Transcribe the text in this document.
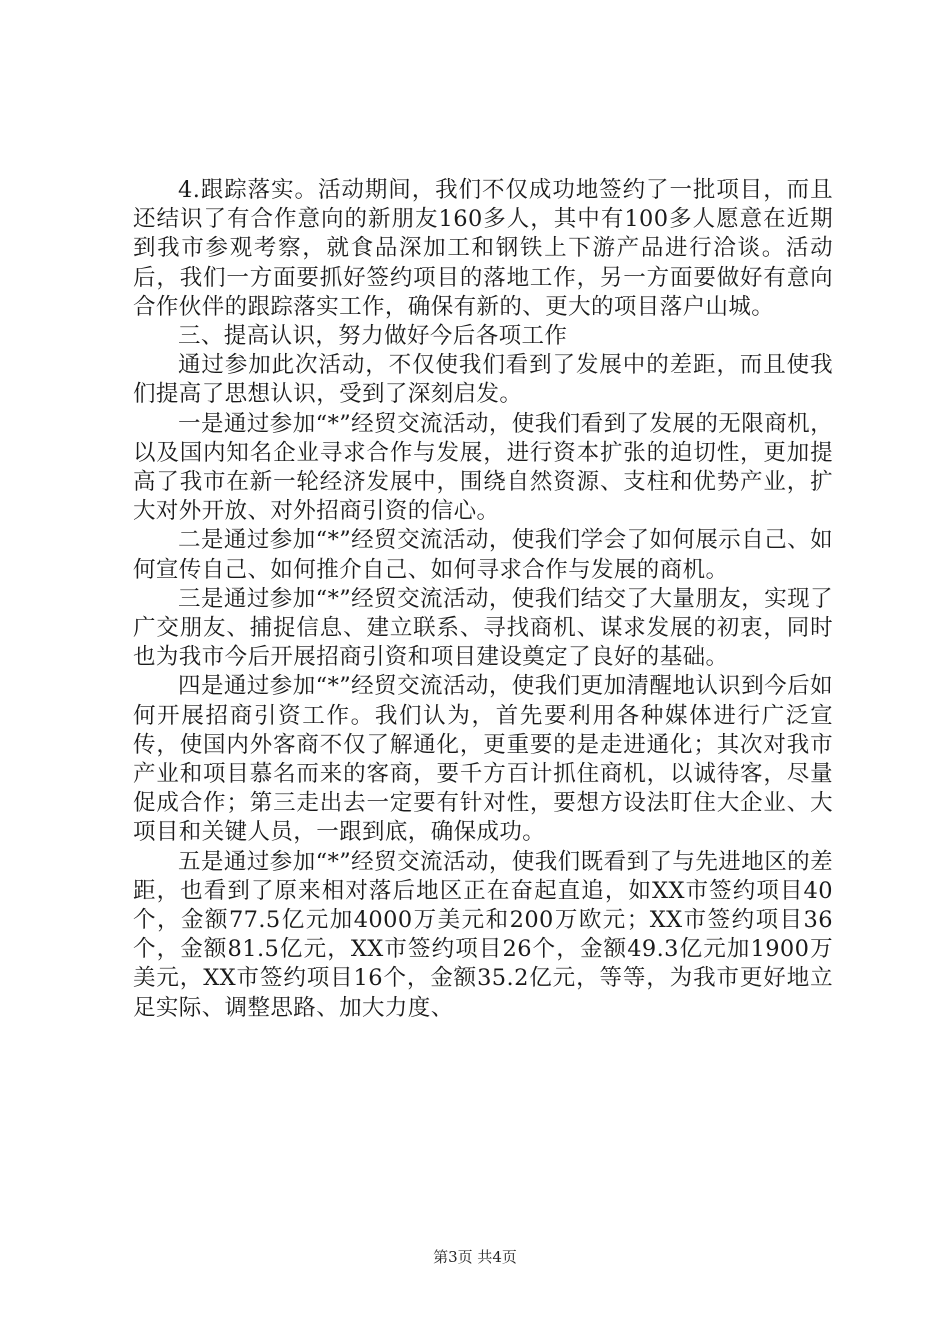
4.跟踪落实。活动期间，我们不仅成功地签约了一批项目，而且还结识了有合作意向的新朋友160多人，其中有100多人愿意在近期到我市参观考察，就食品深加工和钢铁上下游产品进行洽谈。活动后，我们一方面要抓好签约项目的落地工作，另一方面要做好有意向合作伙伴的跟踪落实工作，确保有新的、更大的项目落户山城。

三、提高认识，努力做好今后各项工作

通过参加此次活动，不仅使我们看到了发展中的差距，而且使我们提高了思想认识，受到了深刻启发。

一是通过参加“*”经贸交流活动，使我们看到了发展的无限商机，以及国内知名企业寻求合作与发展，进行资本扩张的迫切性，更加提高了我市在新一轮经济发展中，围绕自然资源、支柱和优势产业，扩大对外开放、对外招商引资的信心。

二是通过参加“*”经贸交流活动，使我们学会了如何展示自己、如何宣传自己、如何推介自己、如何寻求合作与发展的商机。

三是通过参加“*”经贸交流活动，使我们结交了大量朋友，实现了广交朋友、捕捉信息、建立联系、寻找商机、谋求发展的初衷，同时也为我市今后开展招商引资和项目建设奠定了良好的基础。

四是通过参加“*”经贸交流活动，使我们更加清醒地认识到今后如何开展招商引资工作。我们认为，首先要利用各种媒体进行广泛宣传，使国内外客商不仅了解通化，更重要的是走进通化；其次对我市产业和项目慕名而来的客商，要千方百计抓住商机，以诚待客，尽量促成合作；第三走出去一定要有针对性，要想方设法盯住大企业、大项目和关键人员，一跟到底，确保成功。

五是通过参加“*”经贸交流活动，使我们既看到了与先进地区的差距，也看到了原来相对落后地区正在奋起直追，如XX市签约项目40个，金额77.5亿元加4000万美元和200万欧元；XX市签约项目36个，金额81.5亿元，XX市签约项目26个，金额49.3亿元加1900万美元，XX市签约项目16个，金额35.2亿元，等等，为我市更好地立足实际、调整思路、加大力度、

第3页 共4页
